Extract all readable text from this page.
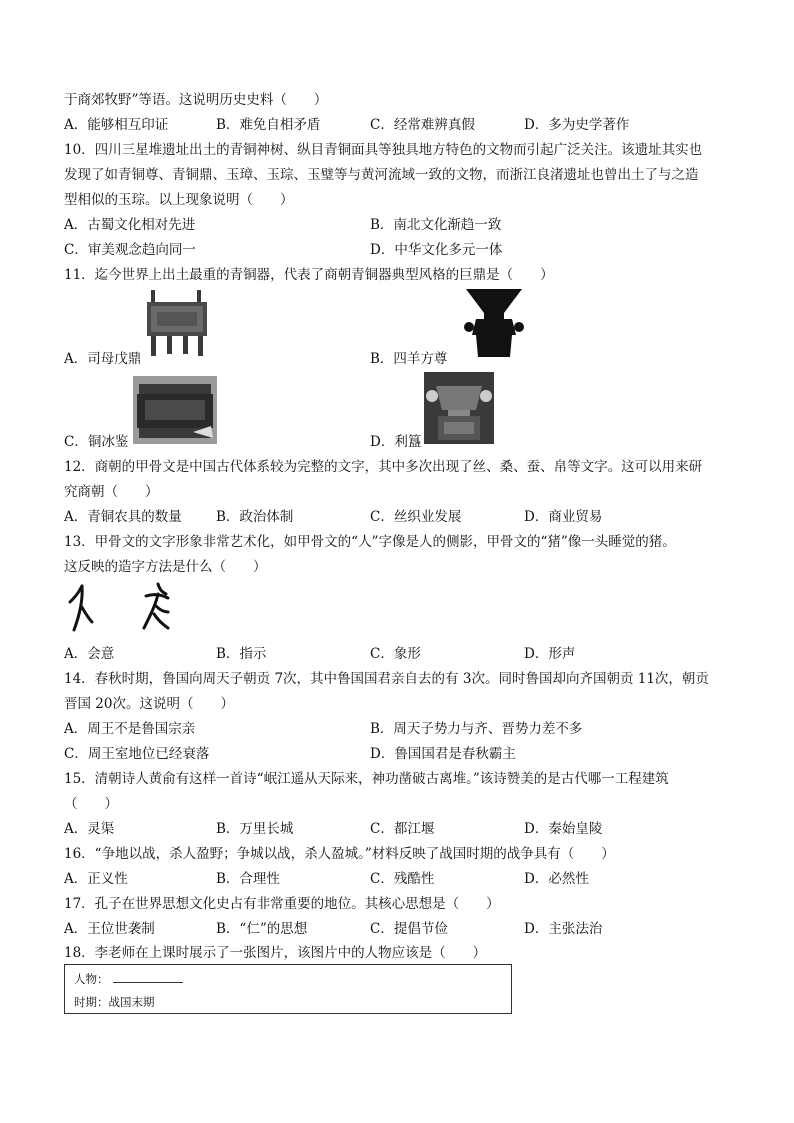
于商郊牧野”等语。这说明历史史料（　　）
A．能够相互印证	B．难免自相矛盾	C．经常难辨真假	D．多为史学著作
10．四川三星堆遗址出土的青铜神树、纵目青铜面具等独具地方特色的文物而引起广泛关注。该遗址其实也
发现了如青铜尊、青铜鼎、玉璋、玉琮、玉璧等与黄河流域一致的文物，而浙江良渚遗址也曾出土了与之造
型相似的玉琮。以上现象说明（　　）
A．古蜀文化相对先进	B．南北文化渐趋一致
C．审美观念趋向同一	D．中华文化多元一体
11．迄今世界上出土最重的青铜器，代表了商朝青铜器典型风格的巨鼎是（　　）
A．司母戊鼎	B．四羊方尊
C．铜冰鉴	D．利簋
12．商朝的甲骨文是中国古代体系较为完整的文字，其中多次出现了丝、桑、蚕、帛等文字。这可以用来研
究商朝（　　）
A．青铜农具的数量	B．政治体制	C．丝织业发展	D．商业贸易
13．甲骨文的文字形象非常艺术化，如甲骨文的“人”字像是人的侧影，甲骨文的“猪”像一头睡觉的猪。
这反映的造字方法是什么（　　）
A．会意	B．指示	C．象形	D．形声
14．春秋时期，鲁国向周天子朝贡 7次，其中鲁国国君亲自去的有 3次。同时鲁国却向齐国朝贡 11次，朝贡
晋国 20次。这说明（　　）
A．周王不是鲁国宗亲	B．周天子势力与齐、晋势力差不多
C．周王室地位已经衰落	D．鲁国国君是春秋霸主
15．清朝诗人黄俞有这样一首诗“岷江遥从天际来，神功凿破古离堆。”该诗赞美的是古代哪一工程建筑
（　　）
A．灵渠	B．万里长城	C．都江堰	D．秦始皇陵
16．“争地以战，杀人盈野；争城以战，杀人盈城。”材料反映了战国时期的战争具有（　　）
A．正义性	B．合理性	C．残酷性	D．必然性
17．孔子在世界思想文化史占有非常重要的地位。其核心思想是（　　）
A．王位世袭制	B．“仁”的思想	C．提倡节俭	D．主张法治
18．李老师在上课时展示了一张图片，该图片中的人物应该是（　　）
人物：
时期：战国末期
